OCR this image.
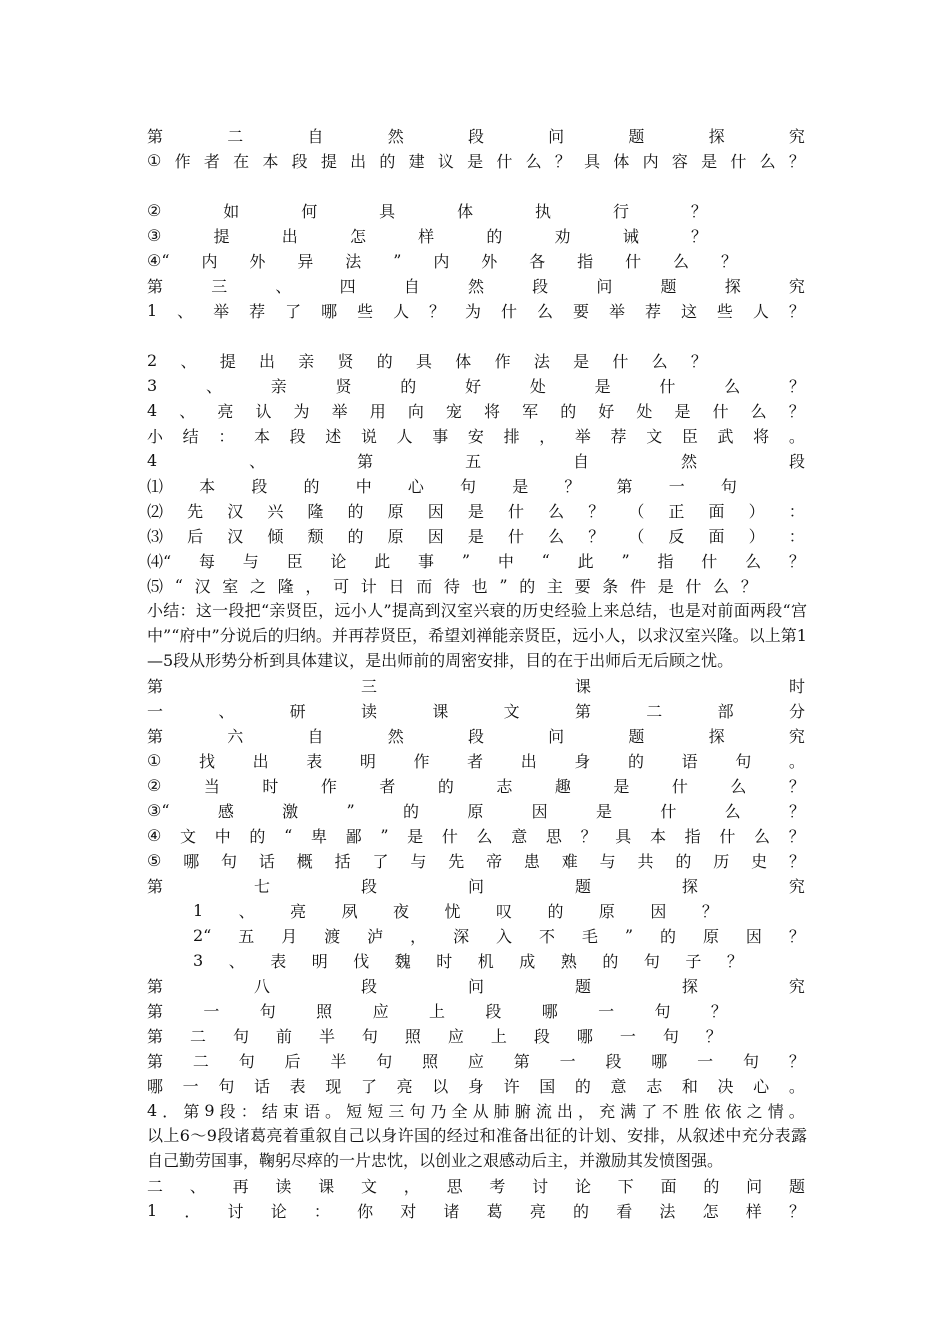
第	二	自	然	段	问	题	探	究
① 作 者 在 本 段 提 出 的 建 议 是 什 么 ？ 具 体 内 容 是 什 么 ？
②	如	何	具	体	执	行	？
③	提	出	怎	样	的	劝	诫	？
④“ 内 外 异 法 ” 内 外 各 指 什 么 ？
第	三	、	四	自	然	段	问	题	探	究
1 、 举 荐 了 哪 些 人 ？ 为 什 么 要 举 荐 这 些 人 ？
2 、 提 出 亲 贤 的 具 体 作 法 是 什 么 ？
3	、	亲	贤	的	好	处	是	什	么	？
4 、 亮 认 为 举 用 向 宠 将 军 的 好 处 是 什 么 ？
小 结 ： 本 段 述 说 人 事 安 排 ， 举 荐 文 臣 武 将 。
4	、	第	五	自	然	段
⑴ 本 段 的 中 心 句 是 ？ 第 一 句
⑵ 先 汉 兴 隆 的 原 因 是 什 么 ？ （ 正 面 ） ：
⑶ 后 汉 倾 颓 的 原 因 是 什 么 ？ （ 反 面 ） ：
⑷“ 每 与 臣 论 此 事 ” 中 “ 此 ” 指 什 么 ？
⑸ “ 汉 室 之 隆 ， 可 计 日 而 待 也 ” 的 主 要 条 件 是 什 么 ？
小结：这一段把“亲贤臣，远小人”提高到汉室兴衰的历史经验上来总结，也是对前面两段“宫中”“府中”分说后的归纳。并再荐贤臣，希望刘禅能亲贤臣，远小人，以求汉室兴隆。以上第1—5段从形势分析到具体建议，是出师前的周密安排，目的在于出师后无后顾之忧。
第	三	课	时
一	、	研	读	课	文	第	二	部	分
第	六	自	然	段	问	题	探	究
① 找 出 表 明 作 者 出 身 的 语 句 。
②	当	时	作	者	的	志	趣	是	什	么	？
③“	感	激	”	的	原	因	是	什	么	？
④ 文 中 的 “ 卑 鄙 ” 是 什 么 意 思 ？ 具 本 指 什 么 ？
⑤ 哪 句 话 概 括 了 与 先 帝 患 难 与 共 的 历 史 ？
第	七	段	问	题	探	究
1 、 亮 夙 夜 忧 叹 的 原 因 ？
2“ 五 月 渡 泸 ， 深 入 不 毛 ” 的 原 因 ？
3 、 表 明 伐 魏 时 机 成 熟 的 句 子 ？
第	八	段	问	题	探	究
第	一	句	照	应	上	段	哪	一	句	？
第 二 句 前 半 句 照 应 上 段 哪 一 句 ？
第 二 句 后 半 句 照 应 第 一 段 哪 一 句 ？
哪 一 句 话 表 现 了 亮 以 身 许 国 的 意 志 和 决 心 。
4 ． 第 9 段 ： 结 束 语 。 短 短 三 句 乃 全 从 肺 腑 流 出 ， 充 满 了 不 胜 依 依 之 情 。
以上6～9段诸葛亮着重叙自己以身许国的经过和准备出征的计划、安排，从叙述中充分表露自己勤劳国事，鞠躬尽瘁的一片忠忱，以创业之艰感动后主，并激励其发愤图强。
二 、 再 读 课 文 ， 思 考 讨 论 下 面 的 问 题
1 ． 讨 论 ： 你 对 诸 葛 亮 的 看 法 怎 样 ？
